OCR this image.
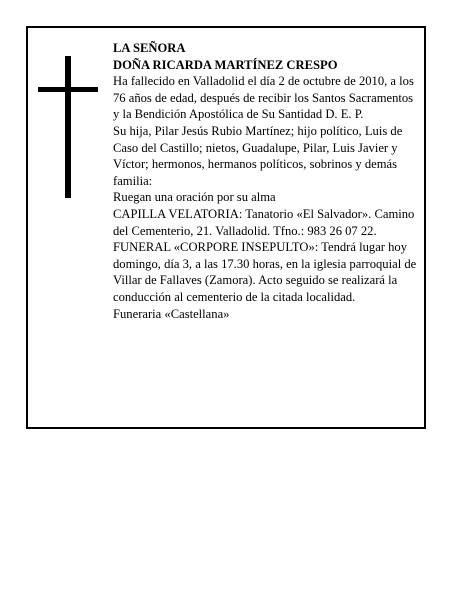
LA SEÑORA

DOÑA RICARDA MARTÍNEZ CRESPO

Ha fallecido en Valladolid el día 2 de octubre de 2010, a los 76 años de edad, después de recibir los Santos Sacramentos y la Bendición Apostólica de Su Santidad D. E. P.

Su hija, Pilar Jesús Rubio Martínez; hijo político, Luis de Caso del Castillo; nietos, Guadalupe, Pilar, Luis Javier y Víctor; hermonos, hermanos políticos, sobrinos y demás familia:

Ruegan una oración por su alma

CAPILLA VELATORIA: Tanatorio «El Salvador». Camino del Cementerio, 21. Valladolid. Tfno.: 983 26 07 22.

FUNERAL «CORPORE INSEPULTO»: Tendrá lugar hoy domingo, día 3, a las 17.30 horas, en la iglesia parroquial de Villar de Fallaves (Zamora). Acto seguido se realizará la conducción al cementerio de la citada localidad.

Funeraria «Castellana»
